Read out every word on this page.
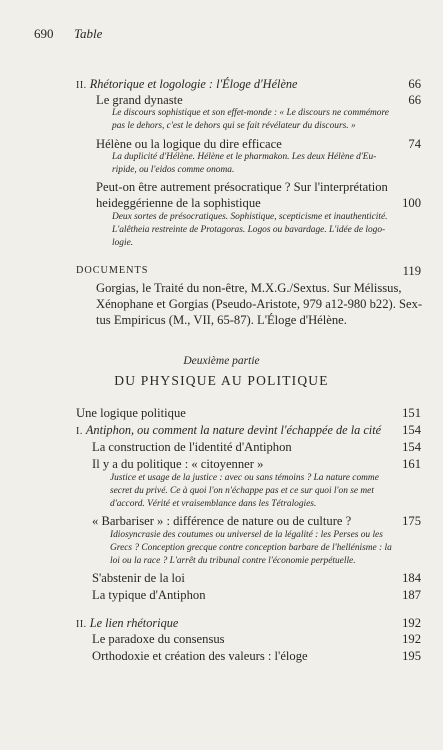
690 Table
II. Rhétorique et logologie : l'Éloge d'Hélène	66
Le grand dynaste	66
Le discours sophistique et son effet-monde : « Le discours ne commémore
pas le dehors, c'est le dehors qui se fait révélateur du discours. »
Hélène ou la logique du dire efficace	74
La duplicité d'Hélène. Hélène et le pharmakon. Les deux Hélène d'Eu-
ripide, ou l'eidos comme onoma.
Peut-on être autrement présocratique ? Sur l'interprétation
heideggérienne de la sophistique	100
Deux sortes de présocratiques. Sophistique, scepticisme et inauthenticité.
L'alêtheia restreinte de Protagoras. Logos ou bavardage. L'idée de logo-
logie.
DOCUMENTS	119
Gorgias, le Traité du non-être, M.X.G./Sextus. Sur Mélissus,
Xénophane et Gorgias (Pseudo-Aristote, 979 a12-980 b22). Sex-
tus Empiricus (M., VII, 65-87). L'Éloge d'Hélène.
Deuxième partie
DU PHYSIQUE AU POLITIQUE
Une logique politique	151
I. Antiphon, ou comment la nature devint l'échappée de la cité 154
La construction de l'identité d'Antiphon	154
Il y a du politique : « citoyenner »	161
Justice et usage de la justice : avec ou sans témoins ? La nature comme
secret du privé. Ce à quoi l'on n'échappe pas et ce sur quoi l'on se met
d'accord. Vérité et vraisemblance dans les Tétralogies.
« Barbariser » : différence de nature ou de culture ?	175
Idiosyncrasie des coutumes ou universel de la légalité : les Perses ou les
Grecs ? Conception grecque contre conception barbare de l'hellénisme : la
loi ou la race ? L'arrêt du tribunal contre l'économie perpétuelle.
S'abstenir de la loi	184
La typique d'Antiphon	187
II. Le lien rhétorique	192
Le paradoxe du consensus	192
Orthodoxie et création des valeurs : l'éloge	195
